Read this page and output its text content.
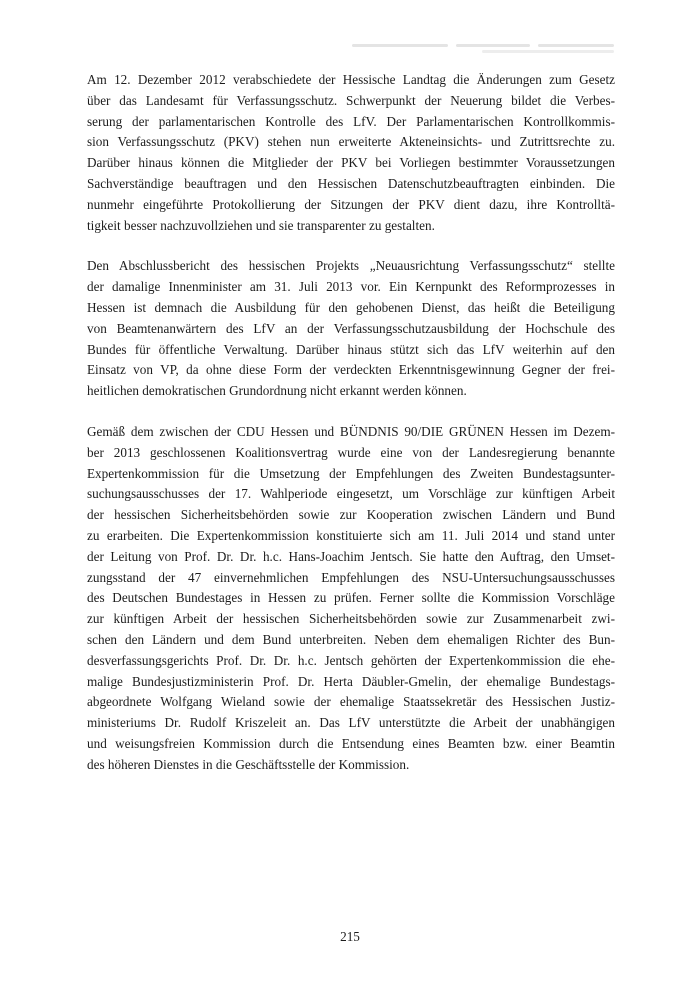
Am 12. Dezember 2012 verabschiedete der Hessische Landtag die Änderungen zum Gesetz
über das Landesamt für Verfassungsschutz. Schwerpunkt der Neuerung bildet die Verbes-
serung der parlamentarischen Kontrolle des LfV. Der Parlamentarischen Kontrollkommis-
sion Verfassungsschutz (PKV) stehen nun erweiterte Akteneinsichts- und Zutrittsrechte zu.
Darüber hinaus können die Mitglieder der PKV bei Vorliegen bestimmter Voraussetzungen
Sachverständige beauftragen und den Hessischen Datenschutzbeauftragten einbinden. Die
nunmehr eingeführte Protokollierung der Sitzungen der PKV dient dazu, ihre Kontrolltä-
tigkeit besser nachzuvollziehen und sie transparenter zu gestalten.

Den Abschlussbericht des hessischen Projekts „Neuausrichtung Verfassungsschutz“ stellte
der damalige Innenminister am 31. Juli 2013 vor. Ein Kernpunkt des Reformprozesses in
Hessen ist demnach die Ausbildung für den gehobenen Dienst, das heißt die Beteiligung
von Beamtenanwärtern des LfV an der Verfassungsschutzausbildung der Hochschule des
Bundes für öffentliche Verwaltung. Darüber hinaus stützt sich das LfV weiterhin auf den
Einsatz von VP, da ohne diese Form der verdeckten Erkenntnisgewinnung Gegner der frei-
heitlichen demokratischen Grundordnung nicht erkannt werden können.

Gemäß dem zwischen der CDU Hessen und BÜNDNIS 90/DIE GRÜNEN Hessen im Dezem-
ber 2013 geschlossenen Koalitionsvertrag wurde eine von der Landesregierung benannte
Expertenkommission für die Umsetzung der Empfehlungen des Zweiten Bundestagsunter-
suchungsausschusses der 17. Wahlperiode eingesetzt, um Vorschläge zur künftigen Arbeit
der hessischen Sicherheitsbehörden sowie zur Kooperation zwischen Ländern und Bund
zu erarbeiten. Die Expertenkommission konstituierte sich am 11. Juli 2014 und stand unter
der Leitung von Prof. Dr. Dr. h.c. Hans-Joachim Jentsch. Sie hatte den Auftrag, den Umset-
zungsstand der 47 einvernehmlichen Empfehlungen des NSU-Untersuchungsausschusses
des Deutschen Bundestages in Hessen zu prüfen. Ferner sollte die Kommission Vorschläge
zur künftigen Arbeit der hessischen Sicherheitsbehörden sowie zur Zusammenarbeit zwi-
schen den Ländern und dem Bund unterbreiten. Neben dem ehemaligen Richter des Bun-
desverfassungsgerichts Prof. Dr. Dr. h.c. Jentsch gehörten der Expertenkommission die ehe-
malige Bundesjustizministerin Prof. Dr. Herta Däubler-Gmelin, der ehemalige Bundestags-
abgeordnete Wolfgang Wieland sowie der ehemalige Staatssekretär des Hessischen Justiz-
ministeriums Dr. Rudolf Kriszeleit an. Das LfV unterstützte die Arbeit der unabhängigen
und weisungsfreien Kommission durch die Entsendung eines Beamten bzw. einer Beamtin
des höheren Dienstes in die Geschäftsstelle der Kommission.

215
